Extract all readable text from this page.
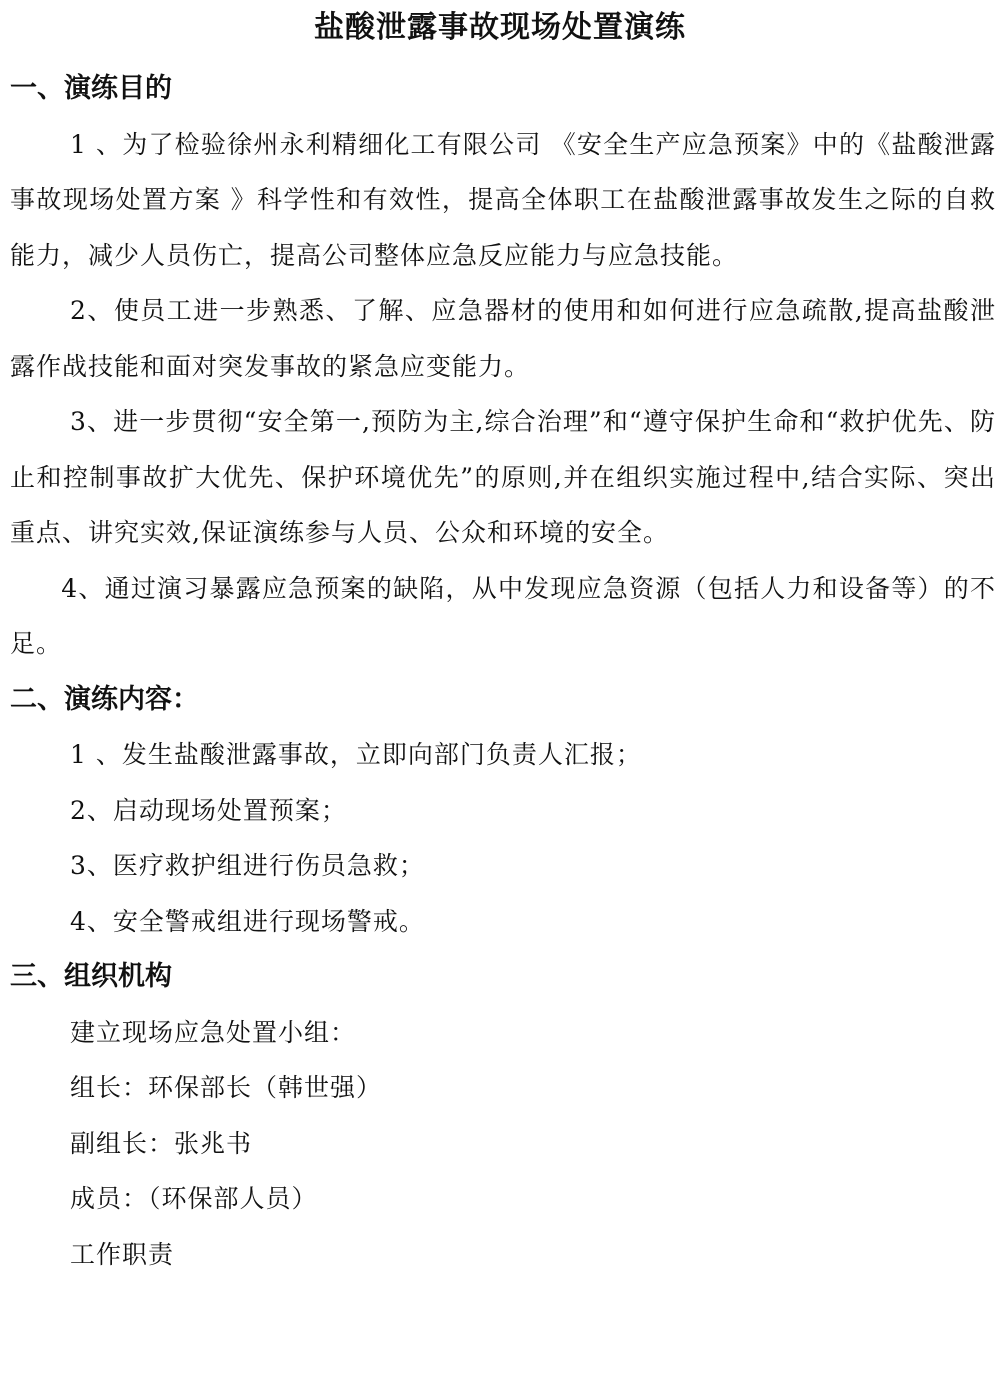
盐酸泄露事故现场处置演练

一、演练目的

1 、为了检验徐州永利精细化工有限公司 《安全生产应急预案》中的《盐酸泄露事故现场处置方案 》科学性和有效性，提高全体职工在盐酸泄露事故发生之际的自救能力，减少人员伤亡，提高公司整体应急反应能力与应急技能。

2、使员工进一步熟悉、了解、应急器材的使用和如何进行应急疏散,提高盐酸泄露作战技能和面对突发事故的紧急应变能力。

3、进一步贯彻“安全第一,预防为主,综合治理”和“遵守保护生命和“救护优先、防止和控制事故扩大优先、保护环境优先”的原则,并在组织实施过程中,结合实际、突出重点、讲究实效,保证演练参与人员、公众和环境的安全。

4、通过演习暴露应急预案的缺陷，从中发现应急资源（包括人力和设备等）的不足。

二、演练内容：

1 、发生盐酸泄露事故，立即向部门负责人汇报；

2、启动现场处置预案；

3、医疗救护组进行伤员急救；

4、安全警戒组进行现场警戒。

三、组织机构

建立现场应急处置小组：

组长：环保部长（韩世强）

副组长：张兆书

成员：（环保部人员）

工作职责
